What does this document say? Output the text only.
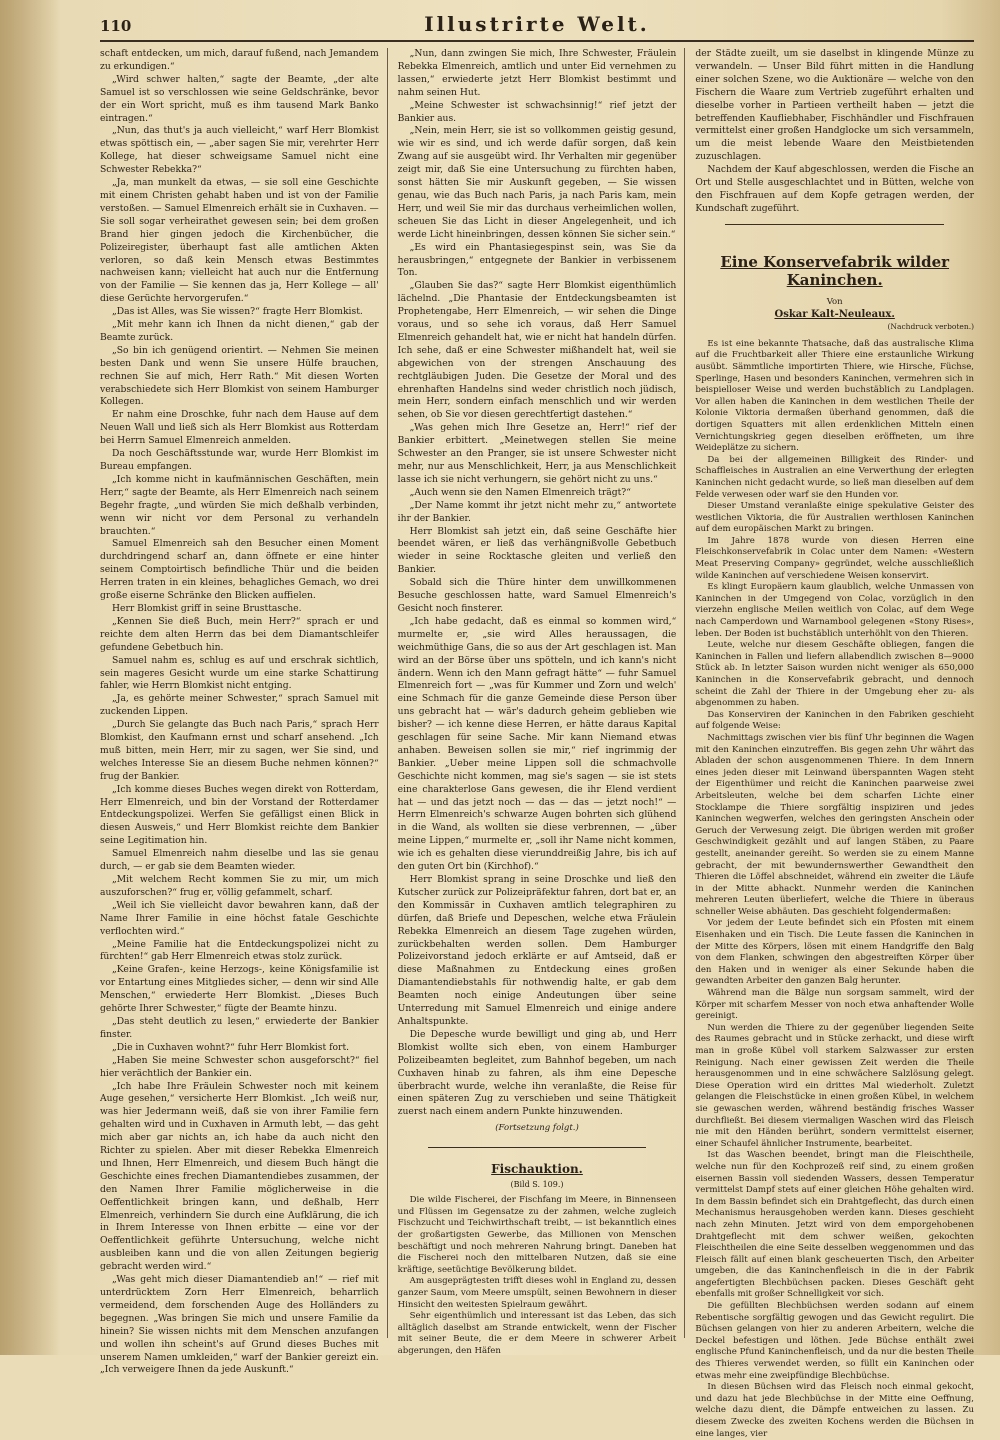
110	Illustrirte Welt.

schaft entdecken, um mich, darauf fußend, nach Jemandem zu erkundigen.“

„Wird schwer halten,“ sagte der Beamte, „der alte Samuel ist so verschlossen wie seine Geldschränke, bevor der ein Wort spricht, muß es ihm tausend Mark Banko eintragen.“

„Nun, das thut's ja auch vielleicht,“ warf Herr Blomkist etwas spöttisch ein, — „aber sagen Sie mir, verehrter Herr Kollege, hat dieser schweigsame Samuel nicht eine Schwester Rebekka?“

„Ja, man munkelt da etwas, — sie soll eine Geschichte mit einem Christen gehabt haben und ist von der Familie verstoßen. — Samuel Elmenreich erhält sie in Cuxhaven. — Sie soll sogar verheirathet gewesen sein; bei dem großen Brand hier gingen jedoch die Kirchenbücher, die Polizeiregister, überhaupt fast alle amtlichen Akten verloren, so daß kein Mensch etwas Bestimmtes nachweisen kann; vielleicht hat auch nur die Entfernung von der Familie — Sie kennen das ja, Herr Kollege — all' diese Gerüchte hervorgerufen.“

„Das ist Alles, was Sie wissen?“ fragte Herr Blomkist.

„Mit mehr kann ich Ihnen da nicht dienen,“ gab der Beamte zurück.

„So bin ich genügend orientirt. — Nehmen Sie meinen besten Dank und wenn Sie unsere Hülfe brauchen, rechnen Sie auf mich, Herr Rath.“ Mit diesen Worten verabschiedete sich Herr Blomkist von seinem Hamburger Kollegen.

Er nahm eine Droschke, fuhr nach dem Hause auf dem Neuen Wall und ließ sich als Herr Blomkist aus Rotterdam bei Herrn Samuel Elmenreich anmelden.

Da noch Geschäftsstunde war, wurde Herr Blomkist im Bureau empfangen.

„Ich komme nicht in kaufmännischen Geschäften, mein Herr,“ sagte der Beamte, als Herr Elmenreich nach seinem Begehr fragte, „und würden Sie mich deßhalb verbinden, wenn wir nicht vor dem Personal zu verhandeln brauchten.“

Samuel Elmenreich sah den Besucher einen Moment durchdringend scharf an, dann öffnete er eine hinter seinem Comptoirtisch befindliche Thür und die beiden Herren traten in ein kleines, behagliches Gemach, wo drei große eiserne Schränke den Blicken auffielen.

Herr Blomkist griff in seine Brusttasche.

„Kennen Sie dieß Buch, mein Herr?“ sprach er und reichte dem alten Herrn das bei dem Diamantschleifer gefundene Gebetbuch hin.

Samuel nahm es, schlug es auf und erschrak sichtlich, sein mageres Gesicht wurde um eine starke Schattirung fahler, wie Herrn Blomkist nicht entging.

„Ja, es gehörte meiner Schwester,“ sprach Samuel mit zuckenden Lippen.

„Durch Sie gelangte das Buch nach Paris,“ sprach Herr Blomkist, den Kaufmann ernst und scharf ansehend. „Ich muß bitten, mein Herr, mir zu sagen, wer Sie sind, und welches Interesse Sie an diesem Buche nehmen können?“ frug der Bankier.

„Ich komme dieses Buches wegen direkt von Rotterdam, Herr Elmenreich, und bin der Vorstand der Rotterdamer Entdeckungspolizei. Werfen Sie gefälligst einen Blick in diesen Ausweis,“ und Herr Blomkist reichte dem Bankier seine Legitimation hin.

Samuel Elmenreich nahm dieselbe und las sie genau durch, — er gab sie dem Beamten wieder.

„Mit welchem Recht kommen Sie zu mir, um mich auszuforschen?“ frug er, völlig gefammelt, scharf.

„Weil ich Sie vielleicht davor bewahren kann, daß der Name Ihrer Familie in eine höchst fatale Geschichte verflochten wird.“

„Meine Familie hat die Entdeckungspolizei nicht zu fürchten!“ gab Herr Elmenreich etwas stolz zurück.

„Keine Grafen-, keine Herzogs-, keine Königsfamilie ist vor Entartung eines Mitgliedes sicher, — denn wir sind Alle Menschen,“ erwiederte Herr Blomkist. „Dieses Buch gehörte Ihrer Schwester,“ fügte der Beamte hinzu.

„Das steht deutlich zu lesen,“ erwiederte der Bankier finster.

„Die in Cuxhaven wohnt?“ fuhr Herr Blomkist fort.

„Haben Sie meine Schwester schon ausgeforscht?“ fiel hier verächtlich der Bankier ein.

„Ich habe Ihre Fräulein Schwester noch mit keinem Auge gesehen,“ versicherte Herr Blomkist. „Ich weiß nur, was hier Jedermann weiß, daß sie von ihrer Familie fern gehalten wird und in Cuxhaven in Armuth lebt, — das geht mich aber gar nichts an, ich habe da auch nicht den Richter zu spielen. Aber mit dieser Rebekka Elmenreich und Ihnen, Herr Elmenreich, und diesem Buch hängt die Geschichte eines frechen Diamantendiebes zusammen, der den Namen Ihrer Familie möglicherweise in die Oeffentlichkeit bringen kann, und deßhalb, Herr Elmenreich, verhindern Sie durch eine Aufklärung, die ich in Ihrem Interesse von Ihnen erbitte — eine vor der Oeffentlichkeit geführte Untersuchung, welche nicht ausbleiben kann und die von allen Zeitungen begierig gebracht werden wird.“

„Was geht mich dieser Diamantendieb an!“ — rief mit unterdrücktem Zorn Herr Elmenreich, beharrlich vermeidend, dem forschenden Auge des Holländers zu begegnen. „Was bringen Sie mich und unsere Familie da hinein? Sie wissen nichts mit dem Menschen anzufangen und wollen ihn scheint's auf Grund dieses Buches mit unserem Namen umkleiden,“ warf der Bankier gereizt ein. „Ich verweigere Ihnen da jede Auskunft.“

„Nun, dann zwingen Sie mich, Ihre Schwester, Fräulein Rebekka Elmenreich, amtlich und unter Eid vernehmen zu lassen,“ erwiederte jetzt Herr Blomkist bestimmt und nahm seinen Hut.

„Meine Schwester ist schwachsinnig!“ rief jetzt der Bankier aus.

„Nein, mein Herr, sie ist so vollkommen geistig gesund, wie wir es sind, und ich werde dafür sorgen, daß kein Zwang auf sie ausgeübt wird. Ihr Verhalten mir gegenüber zeigt mir, daß Sie eine Untersuchung zu fürchten haben, sonst hätten Sie mir Auskunft gegeben, — Sie wissen genau, wie das Buch nach Paris, ja nach Paris kam, mein Herr, und weil Sie mir das durchaus verheimlichen wollen, scheuen Sie das Licht in dieser Angelegenheit, und ich werde Licht hineinbringen, dessen können Sie sicher sein.“

„Es wird ein Phantasiegespinst sein, was Sie da herausbringen,“ entgegnete der Bankier in verbissenem Ton.

„Glauben Sie das?“ sagte Herr Blomkist eigenthümlich lächelnd. „Die Phantasie der Entdeckungsbeamten ist Prophetengabe, Herr Elmenreich, — wir sehen die Dinge voraus, und so sehe ich voraus, daß Herr Samuel Elmenreich gehandelt hat, wie er nicht hat handeln dürfen. Ich sehe, daß er eine Schwester mißhandelt hat, weil sie abgewichen von der strengen Anschauung des rechtgläubigen Juden. Die Gesetze der Moral und des ehrenhaften Handelns sind weder christlich noch jüdisch, mein Herr, sondern einfach menschlich und wir werden sehen, ob Sie vor diesen gerechtfertigt dastehen.“

„Was gehen mich Ihre Gesetze an, Herr!“ rief der Bankier erbittert. „Meinetwegen stellen Sie meine Schwester an den Pranger, sie ist unsere Schwester nicht mehr, nur aus Menschlichkeit, Herr, ja aus Menschlichkeit lasse ich sie nicht verhungern, sie gehört nicht zu uns.“

„Auch wenn sie den Namen Elmenreich trägt?“

„Der Name kommt ihr jetzt nicht mehr zu,“ antwortete ihr der Bankier.

Herr Blomkist sah jetzt ein, daß seine Geschäfte hier beendet wären, er ließ das verhängnißvolle Gebetbuch wieder in seine Rocktasche gleiten und verließ den Bankier.

Sobald sich die Thüre hinter dem unwillkommenen Besuche geschlossen hatte, ward Samuel Elmenreich's Gesicht noch finsterer.

„Ich habe gedacht, daß es einmal so kommen wird,“ murmelte er, „sie wird Alles heraussagen, die weichmüthige Gans, die so aus der Art geschlagen ist. Man wird an der Börse über uns spötteln, und ich kann's nicht ändern. Wenn ich den Mann gefragt hätte“ — fuhr Samuel Elmenreich fort — „was für Kummer und Zorn und welch' eine Schmach für die ganze Gemeinde diese Person über uns gebracht hat — wär's dadurch geheim geblieben wie bisher? — ich kenne diese Herren, er hätte daraus Kapital geschlagen für seine Sache. Mir kann Niemand etwas anhaben. Beweisen sollen sie mir,“ rief ingrimmig der Bankier. „Ueber meine Lippen soll die schmachvolle Geschichte nicht kommen, mag sie's sagen — sie ist stets eine charakterlose Gans gewesen, die ihr Elend verdient hat — und das jetzt noch — das — das — jetzt noch!“ — Herrn Elmenreich's schwarze Augen bohrten sich glühend in die Wand, als wollten sie diese verbrennen, — „über meine Lippen,“ murmelte er, „soll ihr Name nicht kommen, wie ich es gehalten diese vierunddreißig Jahre, bis ich auf den guten Ort bin (Kirchhof).“

Herr Blomkist sprang in seine Droschke und ließ den Kutscher zurück zur Polizeipräfektur fahren, dort bat er, an den Kommissär in Cuxhaven amtlich telegraphiren zu dürfen, daß Briefe und Depeschen, welche etwa Fräulein Rebekka Elmenreich an diesem Tage zugehen würden, zurückbehalten werden sollen. Dem Hamburger Polizeivorstand jedoch erklärte er auf Amtseid, daß er diese Maßnahmen zu Entdeckung eines großen Diamantendiebstahls für nothwendig halte, er gab dem Beamten noch einige Andeutungen über seine Unterredung mit Samuel Elmenreich und einige andere Anhaltspunkte.

Die Depesche wurde bewilligt und ging ab, und Herr Blomkist wollte sich eben, von einem Hamburger Polizeibeamten begleitet, zum Bahnhof begeben, um nach Cuxhaven hinab zu fahren, als ihm eine Depesche überbracht wurde, welche ihn veranlaßte, die Reise für einen späteren Zug zu verschieben und seine Thätigkeit zuerst nach einem andern Punkte hinzuwenden.

(Fortsetzung folgt.)
Fischauktion.
(Bild S. 109.)

Die wilde Fischerei, der Fischfang im Meere, in Binnenseen und Flüssen im Gegensatze zu der zahmen, welche zugleich Fischzucht und Teichwirthschaft treibt, — ist bekanntlich eines der großartigsten Gewerbe, das Millionen von Menschen beschäftigt und noch mehreren Nahrung bringt. Daneben hat die Fischerei noch den mittelbaren Nutzen, daß sie eine kräftige, seetüchtige Bevölkerung bildet.

Am ausgeprägtesten trifft dieses wohl in England zu, dessen ganzer Saum, vom Meere umspült, seinen Bewohnern in dieser Hinsicht den weitesten Spielraum gewährt.

Sehr eigenthümlich und interessant ist das Leben, das sich alltäglich daselbst am Strande entwickelt, wenn der Fischer mit seiner Beute, die er dem Meere in schwerer Arbeit abgerungen, den Häfen

der Städte zueilt, um sie daselbst in klingende Münze zu verwandeln. — Unser Bild führt mitten in die Handlung einer solchen Szene, wo die Auktionäre — welche von den Fischern die Waare zum Vertrieb zugeführt erhalten und dieselbe vorher in Partieen vertheilt haben — jetzt die betreffenden Kaufliebhaber, Fischhändler und Fischfrauen vermittelst einer großen Handglocke um sich versammeln, um die meist lebende Waare den Meistbietenden zuzuschlagen.

Nachdem der Kauf abgeschlossen, werden die Fische an Ort und Stelle ausgeschlachtet und in Bütten, welche von den Fischfrauen auf dem Kopfe getragen werden, der Kundschaft zugeführt.

Eine Konservefabrik wilder Kaninchen.
Von
Oskar Kalt-Neuleaux.
(Nachdruck verboten.)

Es ist eine bekannte Thatsache, daß das australische Klima auf die Fruchtbarkeit aller Thiere eine erstaunliche Wirkung ausübt. Sämmtliche importirten Thiere, wie Hirsche, Füchse, Sperlinge, Hasen und besonders Kaninchen, vermehren sich in beispielloser Weise und werden buchstäblich zu Landplagen. Vor allen haben die Kaninchen in dem westlichen Theile der Kolonie Viktoria dermaßen überhand genommen, daß die dortigen Squatters mit allen erdenklichen Mitteln einen Vernichtungskrieg gegen dieselben eröffneten, um ihre Weideplätze zu sichern.

Da bei der allgemeinen Billigkeit des Rinder- und Schaffleisches in Australien an eine Verwerthung der erlegten Kaninchen nicht gedacht wurde, so ließ man dieselben auf dem Felde verwesen oder warf sie den Hunden vor.

Dieser Umstand veranlaßte einige spekulative Geister des westlichen Viktoria, die für Australien werthlosen Kaninchen auf dem europäischen Markt zu bringen.

Im Jahre 1878 wurde von diesen Herren eine Fleischkonservefabrik in Colac unter dem Namen: «Western Meat Preserving Company» gegründet, welche ausschließlich wilde Kaninchen auf verschiedene Weisen konservirt.

Es klingt Europäern kaum glaublich, welche Unmassen von Kaninchen in der Umgegend von Colac, vorzüglich in den vierzehn englische Meilen weitlich von Colac, auf dem Wege nach Camperdown und Warnambool gelegenen «Stony Rises», leben. Der Boden ist buchstäblich unterhöhlt von den Thieren.

Leute, welche nur diesem Geschäfte obliegen, fangen die Kaninchen in Fallen und liefern allabendlich zwischen 8—9000 Stück ab. In letzter Saison wurden nicht weniger als 650,000 Kaninchen in die Konservefabrik gebracht, und dennoch scheint die Zahl der Thiere in der Umgebung eher zu- als abgenommen zu haben.

Das Konserviren der Kaninchen in den Fabriken geschieht auf folgende Weise:

Nachmittags zwischen vier bis fünf Uhr beginnen die Wagen mit den Kaninchen einzutreffen. Bis gegen zehn Uhr währt das Abladen der schon ausgenommenen Thiere. In dem Innern eines jeden dieser mit Leinwand überspannten Wagen steht der Eigenthümer und reicht die Kaninchen paarweise zwei Arbeitsleuten, welche bei dem scharfen Lichte einer Stocklampe die Thiere sorgfältig inspiziren und jedes Kaninchen wegwerfen, welches den geringsten Anschein oder Geruch der Verwesung zeigt. Die übrigen werden mit großer Geschwindigkeit gezählt und auf langen Stäben, zu Paare gestellt, aneinander gereiht. So werden sie zu einem Manne gebracht, der mit bewundernswerther Gewandtheit den Thieren die Löffel abschneidet, während ein zweiter die Läufe in der Mitte abhackt. Nunmehr werden die Kaninchen mehreren Leuten überliefert, welche die Thiere in überaus schneller Weise abhäuten. Das geschieht folgendermaßen:

Vor jedem der Leute befindet sich ein Pfosten mit einem Eisenhaken und ein Tisch. Die Leute fassen die Kaninchen in der Mitte des Körpers, lösen mit einem Handgriffe den Balg von dem Flanken, schwingen den abgestreiften Körper über den Haken und in weniger als einer Sekunde haben die gewandten Arbeiter den ganzen Balg herunter.

Während man die Bälge nun sorgsam sammelt, wird der Körper mit scharfem Messer von noch etwa anhaftender Wolle gereinigt.

Nun werden die Thiere zu der gegenüber liegenden Seite des Raumes gebracht und in Stücke zerhackt, und diese wirft man in große Kübel voll starkem Salzwasser zur ersten Reinigung. Nach einer gewissen Zeit werden die Theile herausgenommen und in eine schwächere Salzlösung gelegt. Diese Operation wird ein drittes Mal wiederholt. Zuletzt gelangen die Fleischstücke in einen großen Kübel, in welchem sie gewaschen werden, während beständig frisches Wasser durchfließt. Bei diesem viermaligen Waschen wird das Fleisch nie mit den Händen berührt, sondern vermittelst eiserner, einer Schaufel ähnlicher Instrumente, bearbeitet.

Ist das Waschen beendet, bringt man die Fleischtheile, welche nun für den Kochprozeß reif sind, zu einem großen eisernen Bassin voll siedenden Wassers, dessen Temperatur vermittelst Dampf stets auf einer gleichen Höhe gehalten wird. In dem Bassin befindet sich ein Drahtgeflecht, das durch einen Mechanismus herausgehoben werden kann. Dieses geschieht nach zehn Minuten. Jetzt wird von dem emporgehobenen Drahtgeflecht mit dem schwer weißen, gekochten Fleischtheilen die eine Seite desselben weggenommen und das Fleisch fällt auf einen blank gescheuerten Tisch, den Arbeiter umgeben, die das Kaninchenfleisch in die in der Fabrik angefertigten Blechbüchsen packen. Dieses Geschäft geht ebenfalls mit großer Schnelligkeit vor sich.

Die gefüllten Blechbüchsen werden sodann auf einem Rebentische sorgfältig gewogen und das Gewicht regulirt. Die Büchsen gelangen von hier zu anderen Arbeitern, welche die Deckel befestigen und löthen. Jede Büchse enthält zwei englische Pfund Kaninchenfleisch, und da nur die besten Theile des Thieres verwendet werden, so füllt ein Kaninchen oder etwas mehr eine zweipfündige Blechbüchse.

In diesen Büchsen wird das Fleisch noch einmal gekocht, und dazu hat jede Blechbüchse in der Mitte eine Oeffnung, welche dazu dient, die Dämpfe entweichen zu lassen. Zu diesem Zwecke des zweiten Kochens werden die Büchsen in eine langes, vier
